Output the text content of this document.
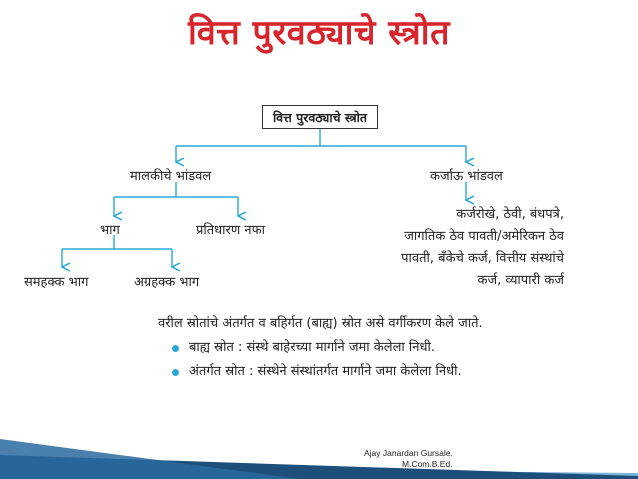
वित्त पुरवठ्याचे स्त्रोत
वित्त पुरवठ्याचे स्त्रोत
मालकीचे भांडवल	कर्जाऊ भांडवल
भाग	प्रतिधारण नफा
समहक्क भाग	अग्रहक्क भाग
कर्जरोखे, ठेवी, बंधपत्रे,
जागतिक ठेव पावती/अमेरिकन ठेव
पावती, बँकेचे कर्ज, वित्तीय संस्थांचे
कर्ज, व्यापारी कर्ज
वरील स्रोतांचे अंतर्गत व बहिर्गत (बाह्य) स्रोत असे वर्गीकरण केले जाते.
बाह्य स्रोत : संस्थे बाहेरच्या मार्गाने जमा केलेला निधी.
अंतर्गत स्रोत : संस्थेने संस्थांतर्गत मार्गाने जमा केलेला निधी.
Ajay Janardan Gursale.
M.Com.B.Ed.
